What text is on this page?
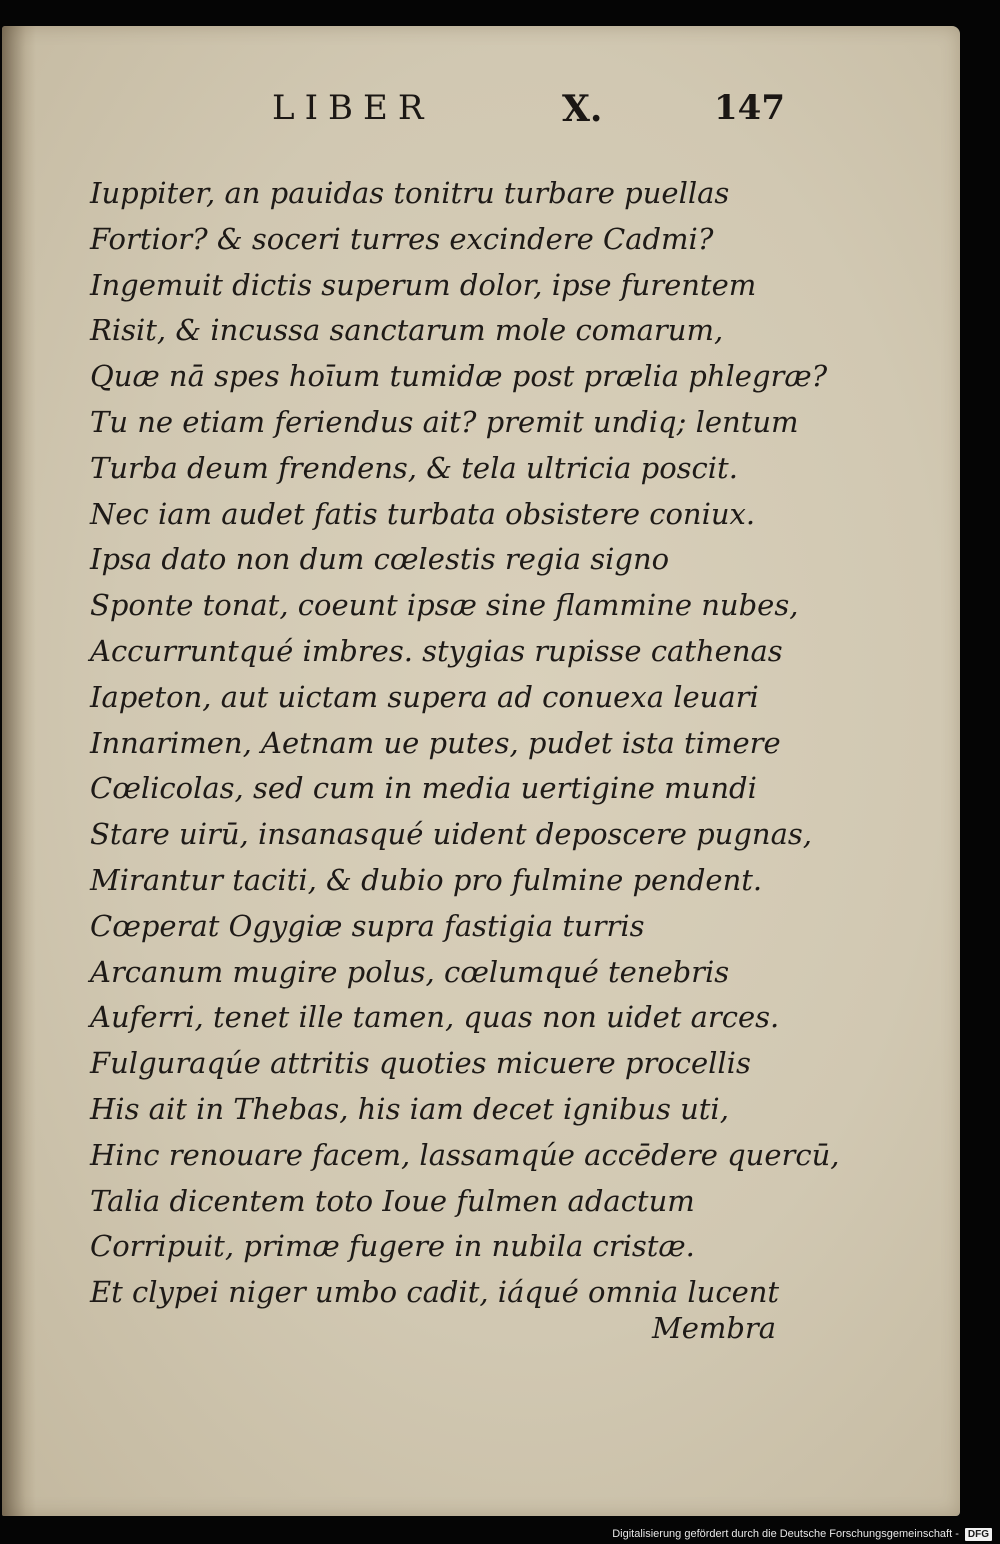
LIBER	X.	147
Iuppiter, an pauidas tonitru turbare puellas
Fortior? & socerі turres excindere Cadmi?
Ingemuit dictis superum dolor, ipse furentem
Risit, & incussa sanctarum mole comarum,
Quæ nā spes hoīum tumidæ post prælia phlegræ?
Tu ne etiam feriendus ait? premit undiq; lentum
Turba deum frendens, & tela ultricia poscit.
Nec iam audet fatis turbata obsistere coniux.
Ipsa dato non dum cœlestis regia signo
Sponte tonat, coeunt ipsæ sine flammine nubes,
Accurruntqué imbres. stygias rupisse cathenas
Iapeton, aut uictam supera ad conuexa leuari
Innarimen, Aetnam ue putes, pudet ista timere
Cœlicolas, sed cum in media uertigine mundi
Stare uirū, insanasqué uident deposcere pugnas,
Mirantur taciti, & dubio pro fulmine pendent.
Cœperat Ogygiæ supra fastigia turris
Arcanum mugire polus, cœlumqué tenebris
Auferri, tenet ille tamen, quas non uidet arces.
Fulguraqúe attritis quoties micuere procellis
His ait in Thebas, his iam decet ignibus uti,
Hinc renouare facem, lassamqúe accēdere quercū,
Talia dicentem toto Ioue fulmen adactum
Corripuit, primæ fugere in nubila cristæ.
Et clypei niger umbo cadit, iáqué omnia lucent
Membra
Digitalisierung gefördert durch die Deutsche Forschungsgemeinschaft - DFG
